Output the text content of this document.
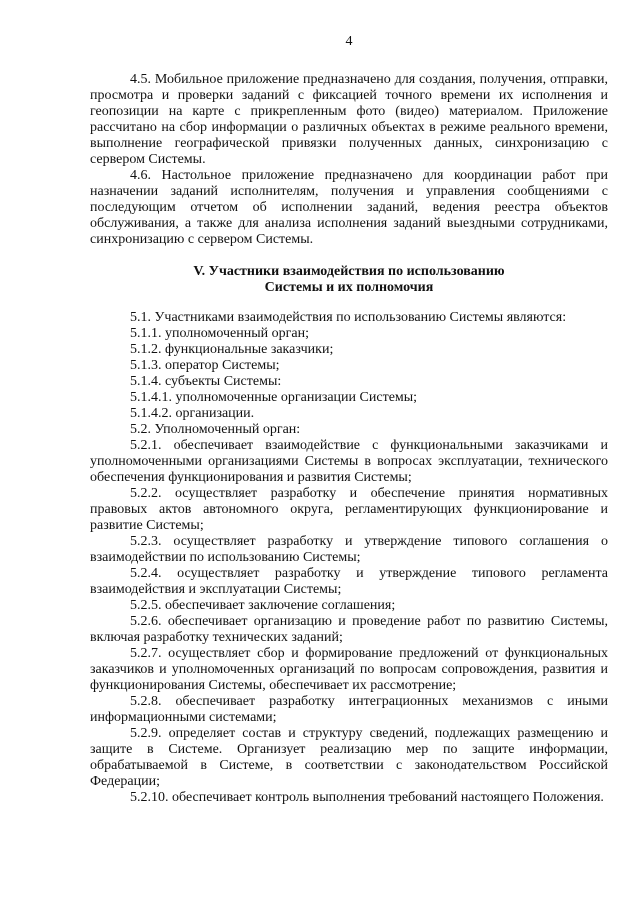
4

4.5. Мобильное приложение предназначено для создания, получения, отправки, просмотра и проверки заданий с фиксацией точного времени их исполнения и геопозиции на карте с прикрепленным фото (видео) материалом. Приложение рассчитано на сбор информации о различных объектах в режиме реального времени, выполнение географической привязки полученных данных, синхронизацию с сервером Системы.

4.6. Настольное приложение предназначено для координации работ при назначении заданий исполнителям, получения и управления сообщениями с последующим отчетом об исполнении заданий, ведения реестра объектов обслуживания, а также для анализа исполнения заданий выездными сотрудниками, синхронизацию с сервером Системы.

V. Участники взаимодействия по использованию
Системы и их полномочия

5.1. Участниками взаимодействия по использованию Системы являются:

5.1.1. уполномоченный орган;

5.1.2. функциональные заказчики;

5.1.3. оператор Системы;

5.1.4. субъекты Системы:

5.1.4.1. уполномоченные организации Системы;

5.1.4.2. организации.

5.2. Уполномоченный орган:

5.2.1. обеспечивает взаимодействие с функциональными заказчиками и уполномоченными организациями Системы в вопросах эксплуатации, технического обеспечения функционирования и развития Системы;

5.2.2. осуществляет разработку и обеспечение принятия нормативных правовых актов автономного округа, регламентирующих функционирование и развитие Системы;

5.2.3. осуществляет разработку и утверждение типового соглашения о взаимодействии по использованию Системы;

5.2.4. осуществляет разработку и утверждение типового регламента взаимодействия и эксплуатации Системы;

5.2.5. обеспечивает заключение соглашения;

5.2.6. обеспечивает организацию и проведение работ по развитию Системы, включая разработку технических заданий;

5.2.7. осуществляет сбор и формирование предложений от функциональных заказчиков и уполномоченных организаций по вопросам сопровождения, развития и функционирования Системы, обеспечивает их рассмотрение;

5.2.8. обеспечивает разработку интеграционных механизмов с иными информационными системами;

5.2.9. определяет состав и структуру сведений, подлежащих размещению и защите в Системе. Организует реализацию мер по защите информации, обрабатываемой в Системе, в соответствии с законодательством Российской Федерации;

5.2.10. обеспечивает контроль выполнения требований настоящего Положения.
